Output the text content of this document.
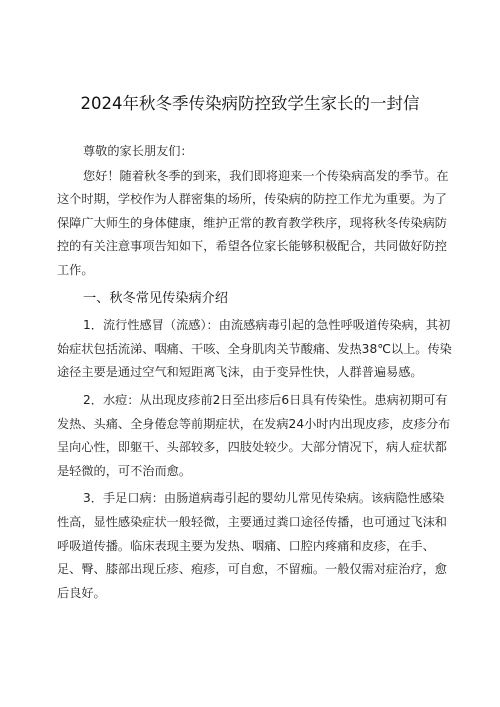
2024年秋冬季传染病防控致学生家长的一封信

尊敬的家长朋友们：

您好！随着秋冬季的到来，我们即将迎来一个传染病高发的季节。在这个时期，学校作为人群密集的场所，传染病的防控工作尤为重要。为了保障广大师生的身体健康，维护正常的教育教学秩序，现将秋冬传染病防控的有关注意事项告知如下，希望各位家长能够积极配合，共同做好防控工作。

一、秋冬常见传染病介绍

1．流行性感冒（流感）：由流感病毒引起的急性呼吸道传染病，其初始症状包括流涕、咽痛、干咳、全身肌肉关节酸痛、发热38℃以上。传染途径主要是通过空气和短距离飞沫，由于变异性快，人群普遍易感。

2．水痘：从出现皮疹前2日至出疹后6日具有传染性。患病初期可有发热、头痛、全身倦怠等前期症状，在发病24小时内出现皮疹，皮疹分布呈向心性，即躯干、头部较多，四肢处较少。大部分情况下，病人症状都是轻微的，可不治而愈。

3．手足口病：由肠道病毒引起的婴幼儿常见传染病。该病隐性感染性高，显性感染症状一般轻微，主要通过粪口途径传播，也可通过飞沫和呼吸道传播。临床表现主要为发热、咽痛、口腔内疼痛和皮疹，在手、足、臀、膝部出现丘疹、疱疹，可自愈，不留痂。一般仅需对症治疗，愈后良好。
